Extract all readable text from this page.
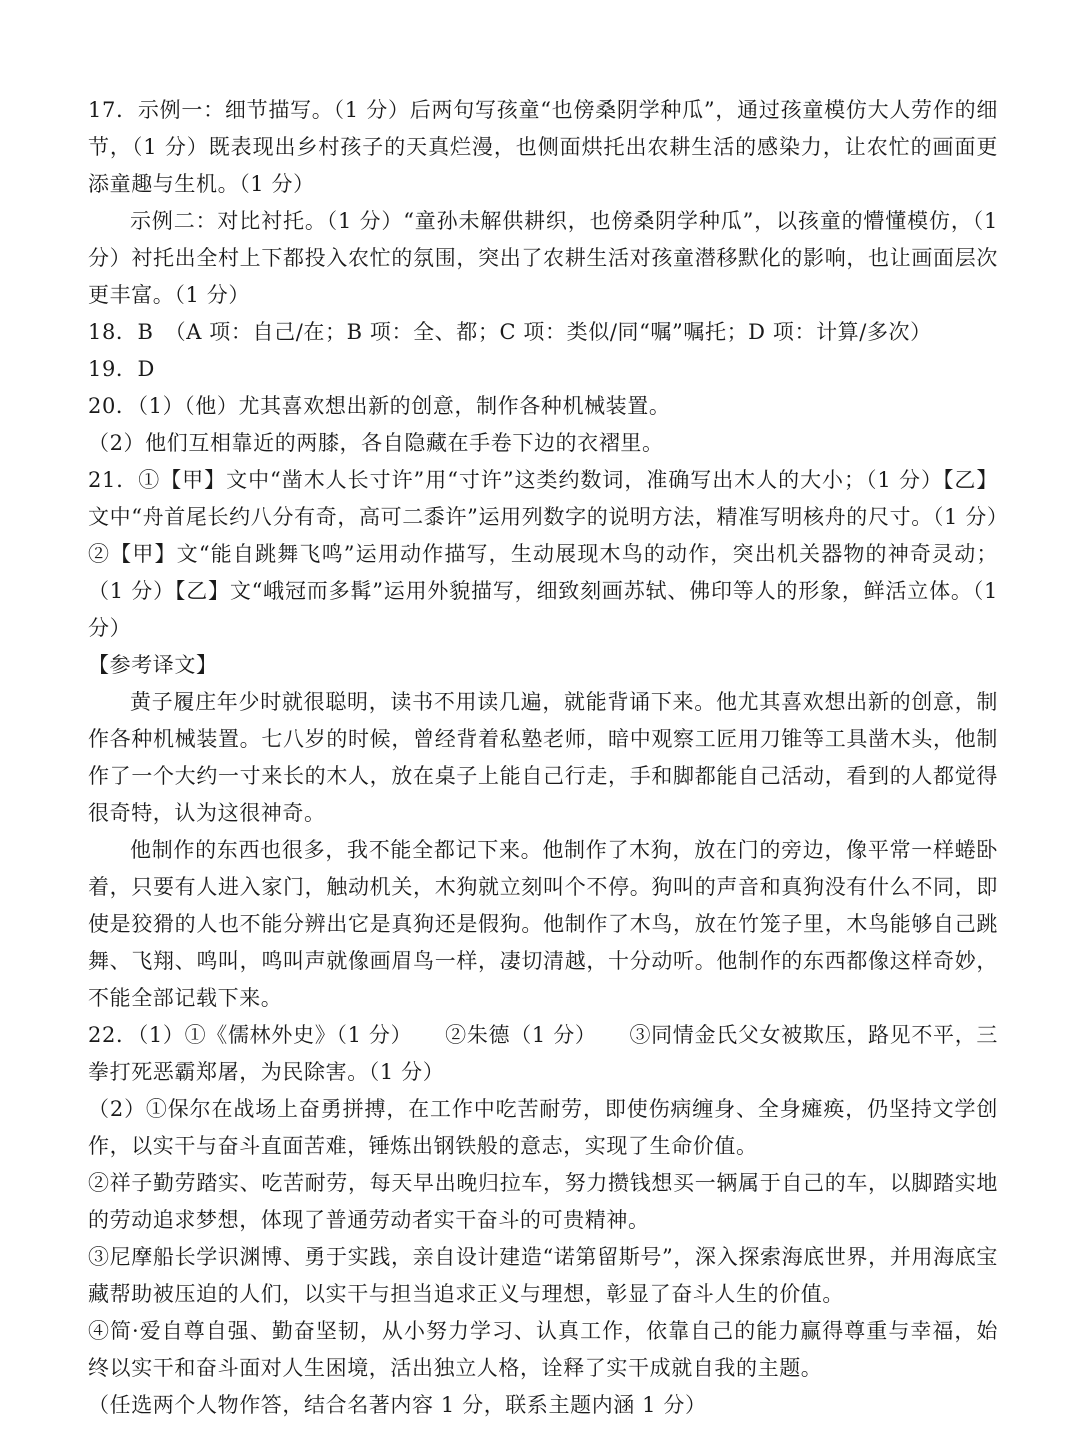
17．示例一：细节描写。（1 分）后两句写孩童“也傍桑阴学种瓜”，通过孩童模仿大人劳作的细节，（1 分）既表现出乡村孩子的天真烂漫，也侧面烘托出农耕生活的感染力，让农忙的画面更添童趣与生机。（1 分）

示例二：对比衬托。（1 分）“童孙未解供耕织，也傍桑阴学种瓜”，以孩童的懵懂模仿，（1 分）衬托出全村上下都投入农忙的氛围，突出了农耕生活对孩童潜移默化的影响，也让画面层次更丰富。（1 分）

18．B　（A 项：自己/在；B 项：全、都；C 项：类似/同“嘱”嘱托；D 项：计算/多次）

19．D

20．（1）（他）尤其喜欢想出新的创意，制作各种机械装置。

（2）他们互相靠近的两膝，各自隐藏在手卷下边的衣褶里。

21．①【甲】文中“凿木人长寸许”用“寸许”这类约数词，准确写出木人的大小；（1 分）【乙】文中“舟首尾长约八分有奇，高可二黍许”运用列数字的说明方法，精准写明核舟的尺寸。（1 分）②【甲】文“能自跳舞飞鸣”运用动作描写，生动展现木鸟的动作，突出机关器物的神奇灵动；（1 分）【乙】文“峨冠而多髯”运用外貌描写，细致刻画苏轼、佛印等人的形象，鲜活立体。（1 分）

【参考译文】

黄子履庄年少时就很聪明，读书不用读几遍，就能背诵下来。他尤其喜欢想出新的创意，制作各种机械装置。七八岁的时候，曾经背着私塾老师，暗中观察工匠用刀锥等工具凿木头，他制作了一个大约一寸来长的木人，放在桌子上能自己行走，手和脚都能自己活动，看到的人都觉得很奇特，认为这很神奇。

他制作的东西也很多，我不能全都记下来。他制作了木狗，放在门的旁边，像平常一样蜷卧着，只要有人进入家门，触动机关，木狗就立刻叫个不停。狗叫的声音和真狗没有什么不同，即使是狡猾的人也不能分辨出它是真狗还是假狗。他制作了木鸟，放在竹笼子里，木鸟能够自己跳舞、飞翔、鸣叫，鸣叫声就像画眉鸟一样，凄切清越，十分动听。他制作的东西都像这样奇妙，不能全部记载下来。

22．（1）①《儒林外史》（1 分）　　②朱德（1 分）　　③同情金氏父女被欺压，路见不平，三拳打死恶霸郑屠，为民除害。（1 分）

（2）①保尔在战场上奋勇拼搏，在工作中吃苦耐劳，即使伤病缠身、全身瘫痪，仍坚持文学创作，以实干与奋斗直面苦难，锤炼出钢铁般的意志，实现了生命价值。

②祥子勤劳踏实、吃苦耐劳，每天早出晚归拉车，努力攒钱想买一辆属于自己的车，以脚踏实地的劳动追求梦想，体现了普通劳动者实干奋斗的可贵精神。

③尼摩船长学识渊博、勇于实践，亲自设计建造“诺第留斯号”，深入探索海底世界，并用海底宝藏帮助被压迫的人们，以实干与担当追求正义与理想，彰显了奋斗人生的价值。

④简·爱自尊自强、勤奋坚韧，从小努力学习、认真工作，依靠自己的能力赢得尊重与幸福，始终以实干和奋斗面对人生困境，活出独立人格，诠释了实干成就自我的主题。

（任选两个人物作答，结合名著内容 1 分，联系主题内涵 1 分）
